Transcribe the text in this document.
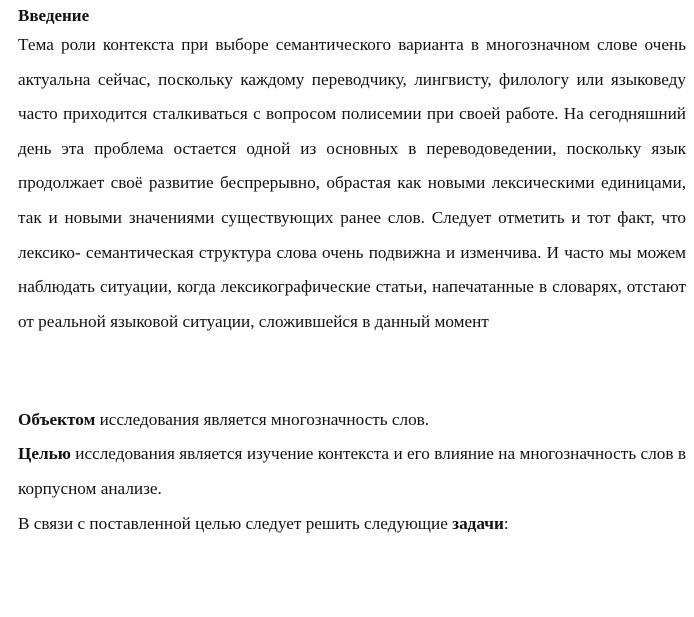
Введение

Тема роли контекста при выборе семантического варианта в многозначном слове очень актуальна сейчас, поскольку каждому переводчику, лингвисту, филологу или языковеду часто приходится сталкиваться с вопросом полисемии при своей работе. На сегодняшний день эта проблема остается одной из основных в переводоведении, поскольку язык продолжает своё развитие беспрерывно, обрастая как новыми лексическими единицами, так и новыми значениями существующих ранее слов. Следует отметить и тот факт, что лексико- семантическая структура слова очень подвижна и изменчива. И часто мы можем наблюдать ситуации, когда лексикографические статьи, напечатанные в словарях, отстают от реальной языковой ситуации, сложившейся в данный момент

Объектом исследования является многозначность слов.

Целью исследования является изучение контекста и его влияние на многозначность слов в корпусном анализе.

В связи с поставленной целью следует решить следующие задачи:
